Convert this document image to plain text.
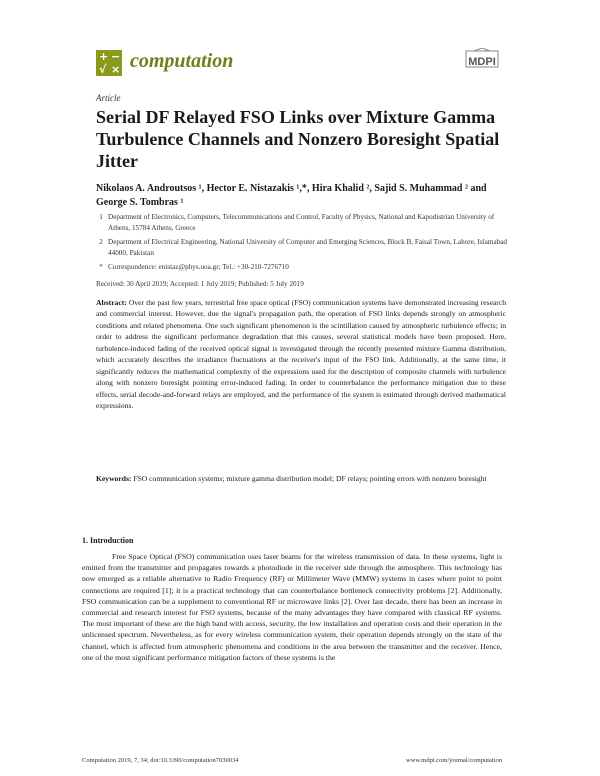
+ −
√ × computation	MDPI
Article
Serial DF Relayed FSO Links over Mixture Gamma Turbulence Channels and Nonzero Boresight Spatial Jitter
Nikolaos A. Androutsos ¹, Hector E. Nistazakis ¹,*, Hira Khalid ², Sajid S. Muhammad ² and George S. Tombras ¹
1 Department of Electronics, Computers, Telecommunications and Control, Faculty of Physics, National and Kapodistrian University of Athens, 15784 Athens, Greece
2 Department of Electrical Engineering, National University of Computer and Emerging Sciences, Block B, Faisal Town, Lahore, Islamabad 44000, Pakistan
* Correspondence: enistaz@phys.uoa.gr; Tel.: +30-210-7276710
Received: 30 April 2019; Accepted: 1 July 2019; Published: 5 July 2019
Abstract: Over the past few years, terrestrial free space optical (FSO) communication systems have demonstrated increasing research and commercial interest. However, due the signal's propagation path, the operation of FSO links depends strongly on atmospheric conditions and related phenomena. One such significant phenomenon is the scintillation caused by atmospheric turbulence effects; in order to address the significant performance degradation that this causes, several statistical models have been proposed. Here, turbulence-induced fading of the received optical signal is investigated through the recently presented mixture Gamma distribution, which accurately describes the irradiance fluctuations at the receiver's input of the FSO link. Additionally, at the same time, it significantly reduces the mathematical complexity of the expressions used for the description of composite channels with turbulence along with nonzero boresight pointing error-induced fading. In order to counterbalance the performance mitigation due to these effects, serial decode-and-forward relays are employed, and the performance of the system is estimated through derived mathematical expressions.
Keywords: FSO communication systems; mixture gamma distribution model; DF relays; pointing errors with nonzero boresight
1. Introduction
Free Space Optical (FSO) communication uses laser beams for the wireless transmission of data. In these systems, light is emitted from the transmitter and propagates towards a photodiode in the receiver side through the atmosphere. This technology has now emerged as a reliable alternative to Radio Frequency (RF) or Millimeter Wave (MMW) systems in cases where point to point connections are required [1]; it is a practical technology that can counterbalance bottleneck connectivity problems [2]. Additionally, FSO communication can be a supplement to conventional RF or microwave links [2]. Over last decade, there has been an increase in commercial and research interest for FSO systems, because of the many advantages they have compared with classical RF systems. The most important of these are the high band with access, security, the low installation and operation costs and their operation in the unlicensed spectrum. Nevertheless, as for every wireless communication system, their operation depends strongly on the state of the channel, which is affected from atmospheric phenomena and conditions in the area between the transmitter and the receiver. Hence, one of the most significant performance mitigation factors of these systems is the
Computation 2019, 7, 34; doi:10.3390/computation7030034	www.mdpi.com/journal/computation
